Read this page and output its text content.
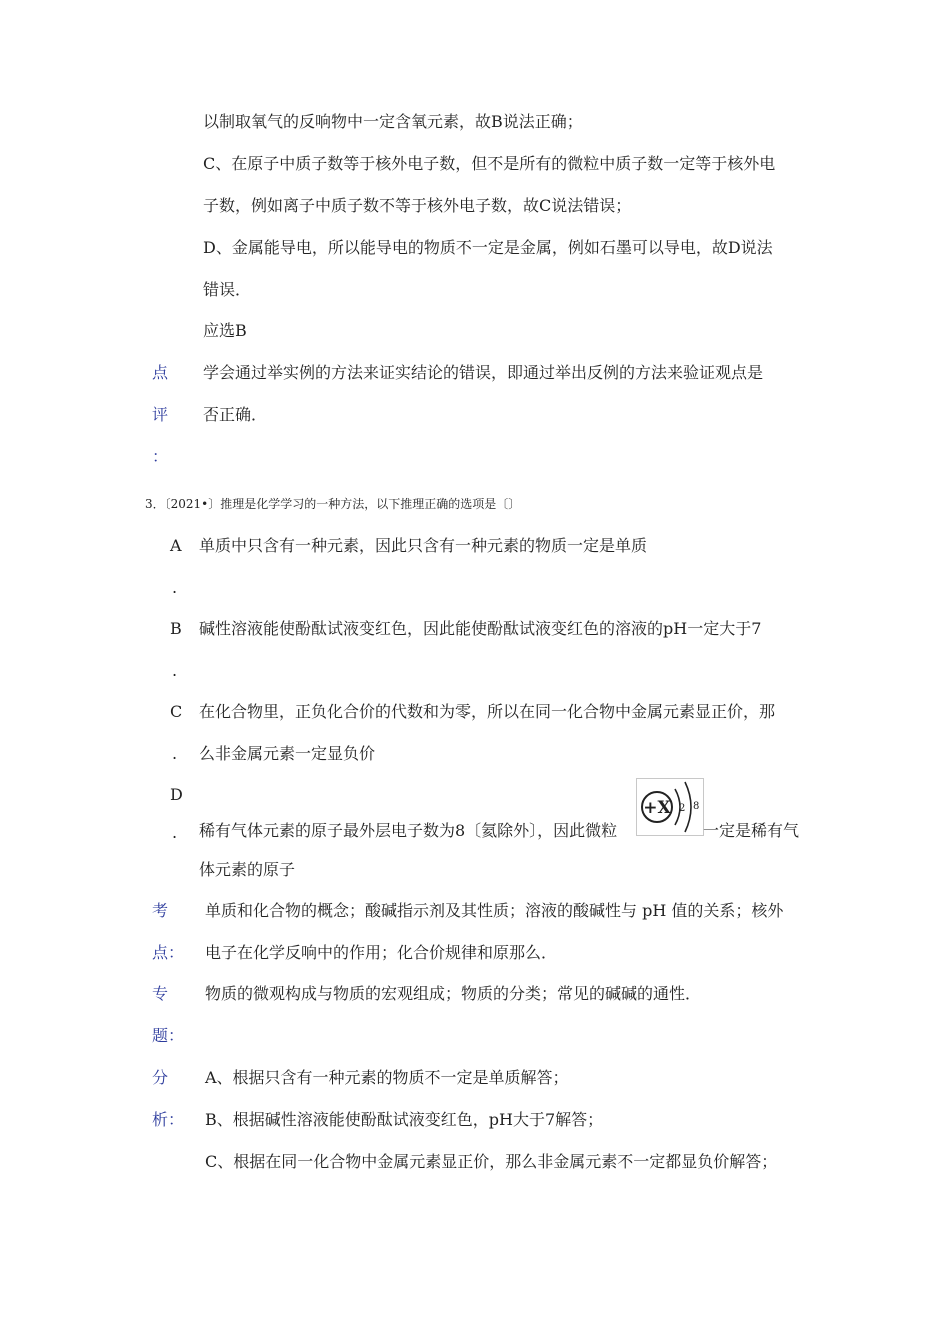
以制取氧气的反响物中一定含氧元素，故B说法正确；
C、在原子中质子数等于核外电子数，但不是所有的微粒中质子数一定等于核外电
子数，例如离子中质子数不等于核外电子数，故C说法错误；
D、金属能导电，所以能导电的物质不一定是金属，例如石墨可以导电，故D说法
错误．
应选B
点
评
：
学会通过举实例的方法来证实结论的错误，即通过举出反例的方法来验证观点是
否正确．
3．〔2021•〕推理是化学学习的一种方法，以下推理正确的选项是〔〕
A
.
单质中只含有一种元素，因此只含有一种元素的物质一定是单质
B
.
碱性溶液能使酚酞试液变红色，因此能使酚酞试液变红色的溶液的pH一定大于7
C
.
在化合物里，正负化合价的代数和为零，所以在同一化合物中金属元素显正价，那
么非金属元素一定显负价
D
. 稀有气体元素的原子最外层电子数为8〔氦除外〕，因此微粒
+X 2 8
一定是稀有气
体元素的原子
考
点：
单质和化合物的概念；酸碱指示剂及其性质；溶液的酸碱性与 pH 值的关系；核外
电子在化学反响中的作用；化合价规律和原那么．
专
题：
物质的微观构成与物质的宏观组成；物质的分类；常见的碱碱的通性．
分
析：
A、根据只含有一种元素的物质不一定是单质解答；
B、根据碱性溶液能使酚酞试液变红色，pH大于7解答；
C、根据在同一化合物中金属元素显正价，那么非金属元素不一定都显负价解答；
